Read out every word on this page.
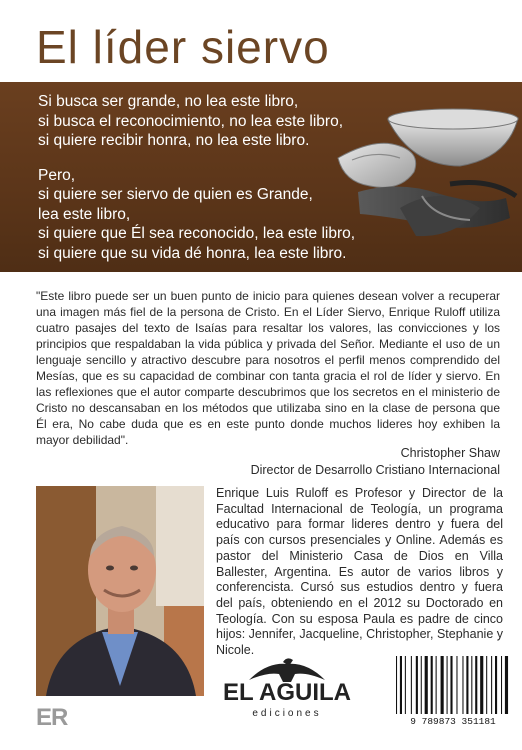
El líder siervo
Si busca ser grande, no lea este libro,
si busca el reconocimiento, no lea este libro,
si quiere recibir honra, no lea este libro.
Pero,
si quiere ser siervo de quien es Grande,
lea este libro,
si quiere que Él sea reconocido, lea este libro,
si quiere que su vida dé honra, lea este libro.

"Este libro puede ser un buen punto de inicio para quienes desean volver a recuperar una imagen más fiel de la persona de Cristo. En el Líder Siervo, Enrique Ruloff utiliza cuatro pasajes del texto de Isaías para resaltar los valores, las convicciones y los principios que respaldaban la vida pública y privada del Señor. Mediante el uso de un lenguaje sencillo y atractivo descubre para nosotros el perfil menos comprendido del Mesías, que es su capacidad de combinar con tanta gracia el rol de líder y siervo. En las reflexiones que el autor comparte descubrimos que los secretos en el ministerio de Cristo no descansaban en los métodos que utilizaba sino en la clase de persona que Él era, No cabe duda que es en este punto donde muchos lideres hoy exhiben la mayor debilidad".

Christopher Shaw
Director de Desarrollo Cristiano Internacional

Enrique Luis Ruloff es Profesor y Director de la Facultad Internacional de Teología, un programa educativo para formar lideres dentro y fuera del país con cursos presenciales y Online. Además es pastor del Ministerio Casa de Dios en Villa Ballester, Argentina. Es autor de varios libros y conferencista. Cursó sus estudios dentro y fuera del país, obteniendo en el 2012 su Doctorado en Teología. Con su esposa Paula es padre de cinco hijos: Jennifer, Jacqueline, Christopher, Stephanie y Nicole.

ER
EL AGUILA
ediciones
9 789873 351181
